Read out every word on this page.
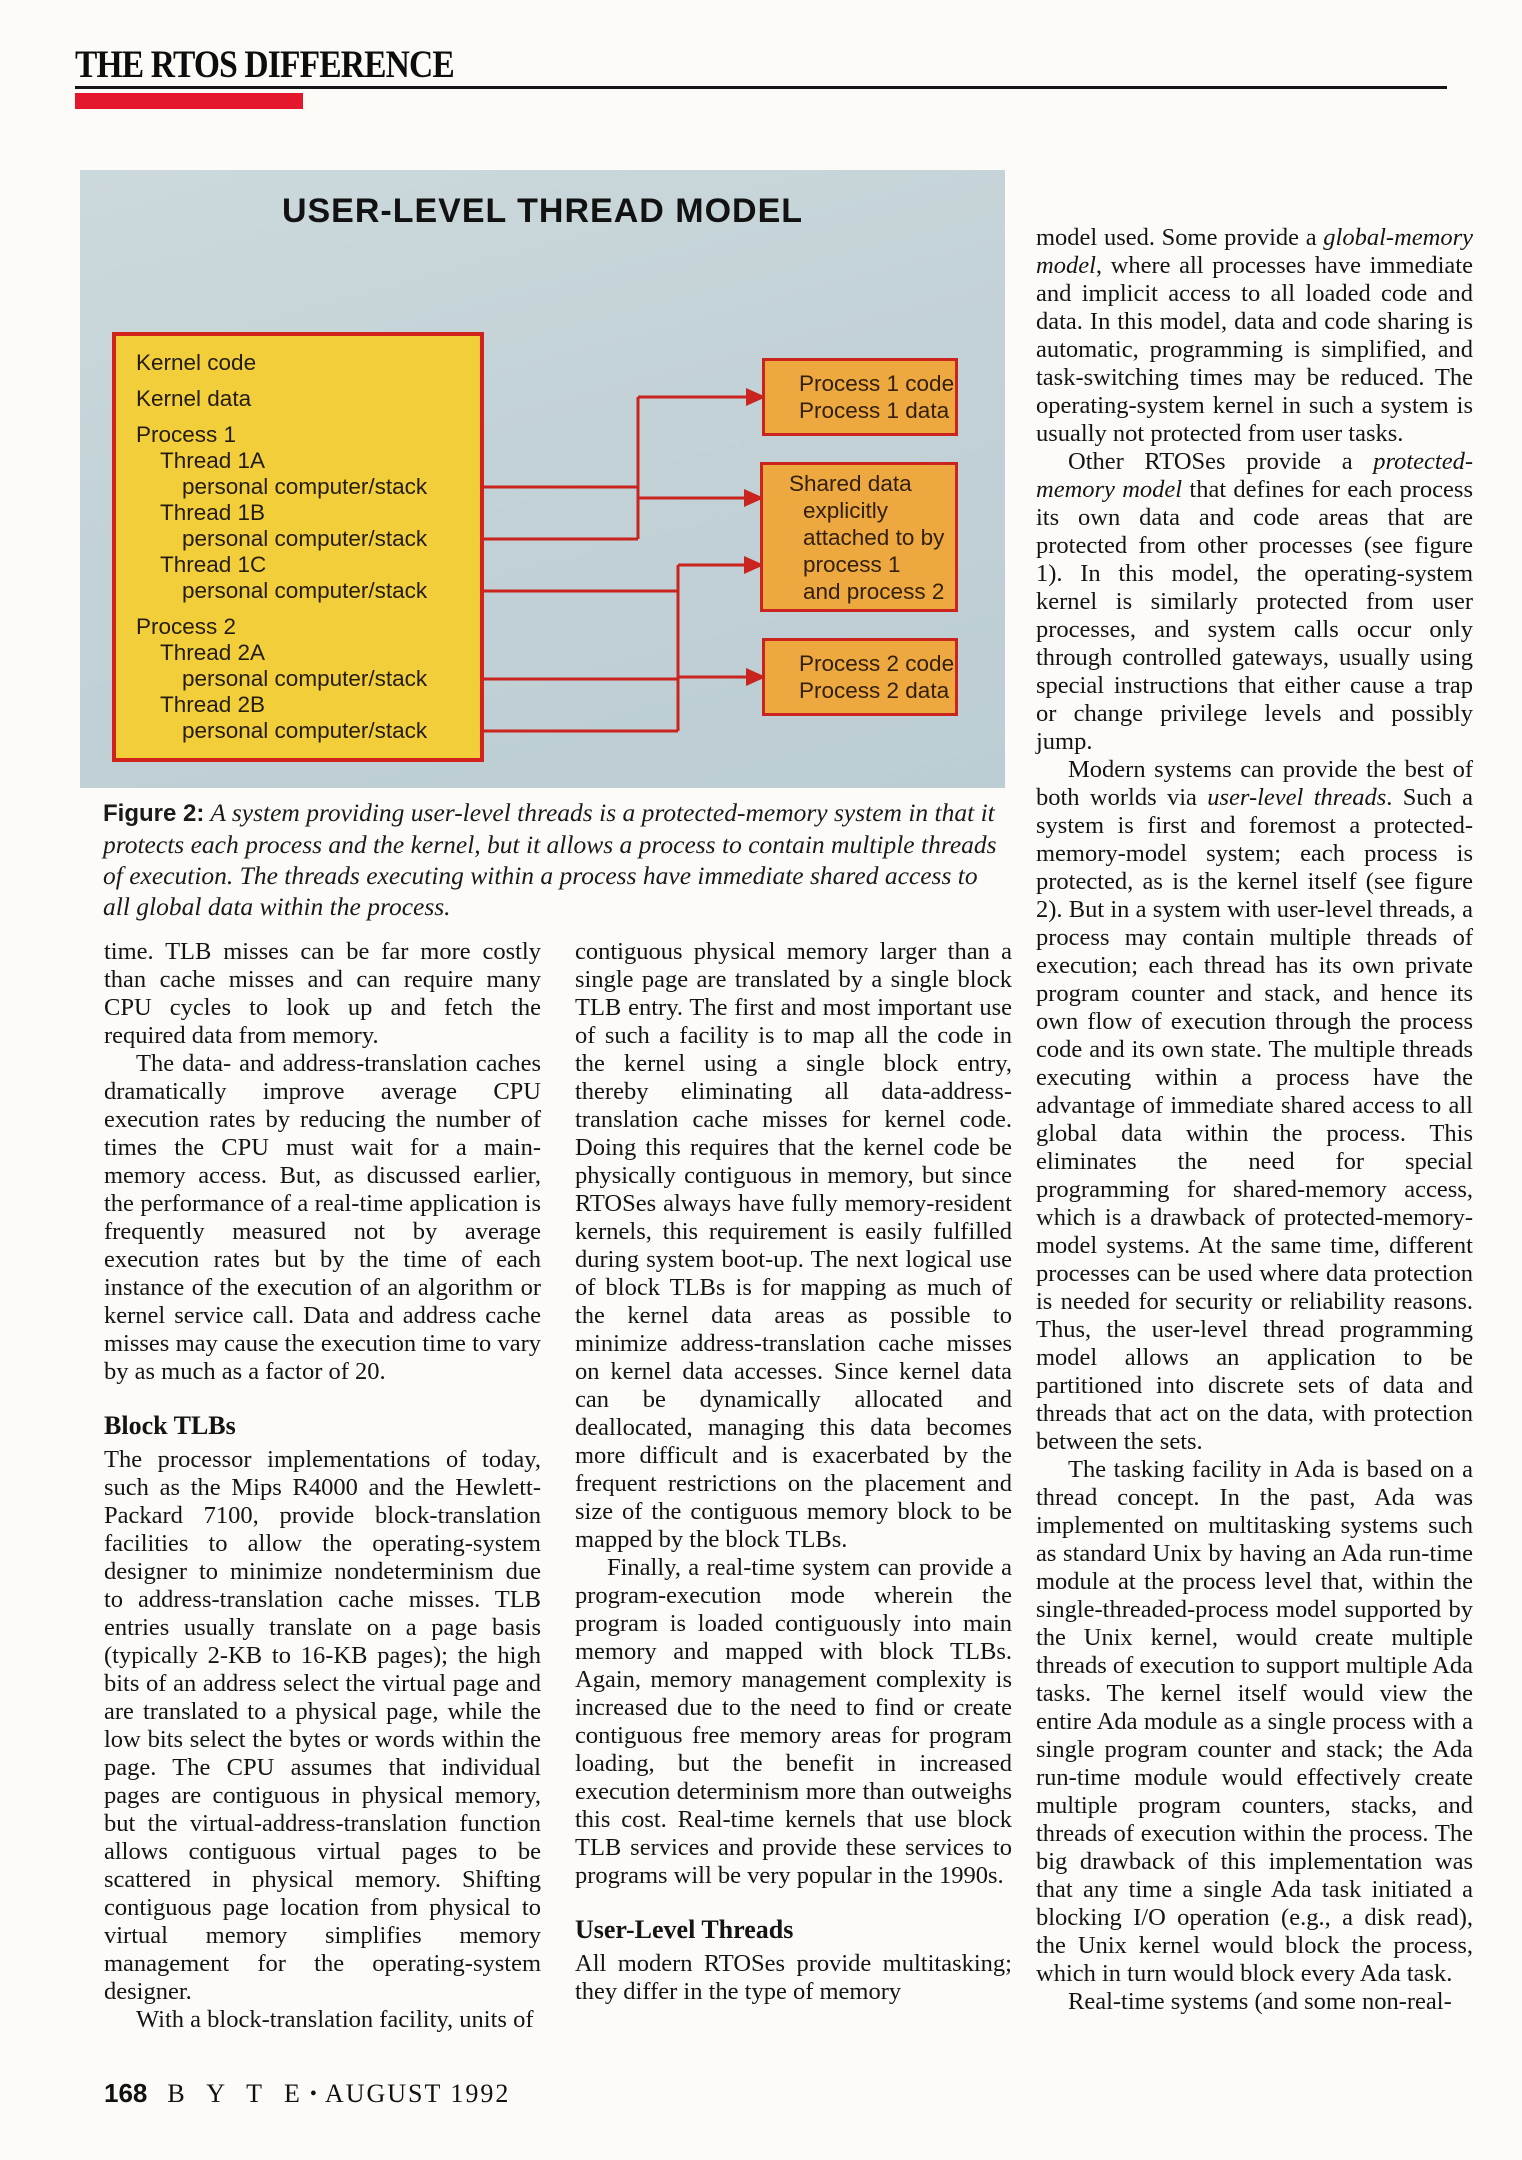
THE RTOS DIFFERENCE
USER-LEVEL THREAD MODEL
Kernel code
Kernel data
Process 1
Thread 1A
personal computer/stack
Thread 1B
personal computer/stack
Thread 1C
personal computer/stack
Process 2
Thread 2A
personal computer/stack
Thread 2B
personal computer/stack
Process 1 code
Process 1 data
Shared data
explicitly
attached to by
process 1
and process 2
Process 2 code
Process 2 data
Figure 2: A system providing user-level threads is a protected-memory system in that it protects each process and the kernel, but it allows a process to contain multiple threads of execution. The threads executing within a process have immediate shared access to all global data within the process.

time. TLB misses can be far more costly than cache misses and can require many CPU cycles to look up and fetch the required data from memory.

The data- and address-translation caches dramatically improve average CPU execution rates by reducing the number of times the CPU must wait for a main-memory access. But, as discussed earlier, the performance of a real-time application is frequently measured not by average execution rates but by the time of each instance of the execution of an algorithm or kernel service call. Data and address cache misses may cause the execution time to vary by as much as a factor of 20.

Block TLBs

The processor implementations of today, such as the Mips R4000 and the Hewlett-Packard 7100, provide block-translation facilities to allow the operating-system designer to minimize nondeterminism due to address-translation cache misses. TLB entries usually translate on a page basis (typically 2-KB to 16-KB pages); the high bits of an address select the virtual page and are translated to a physical page, while the low bits select the bytes or words within the page. The CPU assumes that individual pages are contiguous in physical memory, but the virtual-address-translation function allows contiguous virtual pages to be scattered in physical memory. Shifting contiguous page location from physical to virtual memory simplifies memory management for the operating-system designer.

With a block-translation facility, units of

contiguous physical memory larger than a single page are translated by a single block TLB entry. The first and most important use of such a facility is to map all the code in the kernel using a single block entry, thereby eliminating all data-address-translation cache misses for kernel code. Doing this requires that the kernel code be physically contiguous in memory, but since RTOSes always have fully memory-resident kernels, this requirement is easily fulfilled during system boot-up. The next logical use of block TLBs is for mapping as much of the kernel data areas as possible to minimize address-translation cache misses on kernel data accesses. Since kernel data can be dynamically allocated and deallocated, managing this data becomes more difficult and is exacerbated by the frequent restrictions on the placement and size of the contiguous memory block to be mapped by the block TLBs.

Finally, a real-time system can provide a program-execution mode wherein the program is loaded contiguously into main memory and mapped with block TLBs. Again, memory management complexity is increased due to the need to find or create contiguous free memory areas for program loading, but the benefit in increased execution determinism more than outweighs this cost. Real-time kernels that use block TLB services and provide these services to programs will be very popular in the 1990s.

User-Level Threads

All modern RTOSes provide multitasking; they differ in the type of memory

model used. Some provide a global-memory model, where all processes have immediate and implicit access to all loaded code and data. In this model, data and code sharing is automatic, programming is simplified, and task-switching times may be reduced. The operating-system kernel in such a system is usually not protected from user tasks.

Other RTOSes provide a protected-memory model that defines for each process its own data and code areas that are protected from other processes (see figure 1). In this model, the operating-system kernel is similarly protected from user processes, and system calls occur only through controlled gateways, usually using special instructions that either cause a trap or change privilege levels and possibly jump.

Modern systems can provide the best of both worlds via user-level threads. Such a system is first and foremost a protected-memory-model system; each process is protected, as is the kernel itself (see figure 2). But in a system with user-level threads, a process may contain multiple threads of execution; each thread has its own private program counter and stack, and hence its own flow of execution through the process code and its own state. The multiple threads executing within a process have the advantage of immediate shared access to all global data within the process. This eliminates the need for special programming for shared-memory access, which is a drawback of protected-memory-model systems. At the same time, different processes can be used where data protection is needed for security or reliability reasons. Thus, the user-level thread programming model allows an application to be partitioned into discrete sets of data and threads that act on the data, with protection between the sets.

The tasking facility in Ada is based on a thread concept. In the past, Ada was implemented on multitasking systems such as standard Unix by having an Ada run-time module at the process level that, within the single-threaded-process model supported by the Unix kernel, would create multiple threads of execution to support multiple Ada tasks. The kernel itself would view the entire Ada module as a single process with a single program counter and stack; the Ada run-time module would effectively create multiple program counters, stacks, and threads of execution within the process. The big drawback of this implementation was that any time a single Ada task initiated a blocking I/O operation (e.g., a disk read), the Unix kernel would block the process, which in turn would block every Ada task.

Real-time systems (and some non-real-

168 B Y T E • AUGUST 1992
